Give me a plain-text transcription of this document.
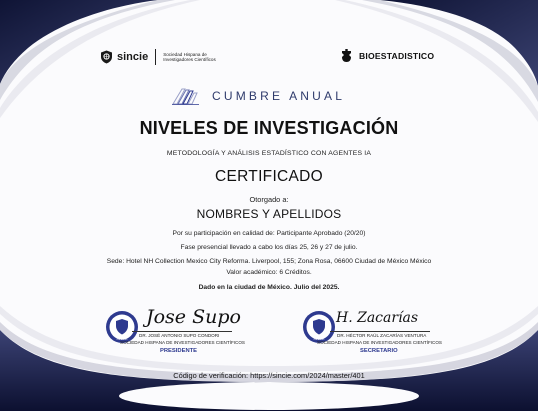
sincie	Sociedad Hispana de
Investigadores Científicos	BIOESTADISTICO
CUMBRE ANUAL
NIVELES DE INVESTIGACIÓN
METODOLOGÍA Y ANÁLISIS ESTADÍSTICO CON AGENTES IA
CERTIFICADO
Otorgado a:
NOMBRES Y APELLIDOS
Por su participación en calidad de: Participante Aprobado (20/20)
Fase presencial llevado a cabo los días 25, 26 y 27 de julio.
Sede: Hotel NH Collection Mexico City Reforma. Liverpool, 155; Zona Rosa, 06600 Ciudad de México México
Valor académico: 6 Créditos.
Dado en la ciudad de México. Julio del 2025.
SINCIE
Jose Supo
DR. JOSÉ ANTONIO SUPO CONDORI
SOCIEDAD HISPANA DE INVESTIGADORES CIENTÍFICOS
PRESIDENTE
SINCIE
H. Zacarías
DR. HÉCTOR RAÚL ZACARÍAS VENTURA
SOCIEDAD HISPANA DE INVESTIGADORES CIENTÍFICOS
SECRETARIO
Código de verificación: https://sincie.com/2024/master/401
